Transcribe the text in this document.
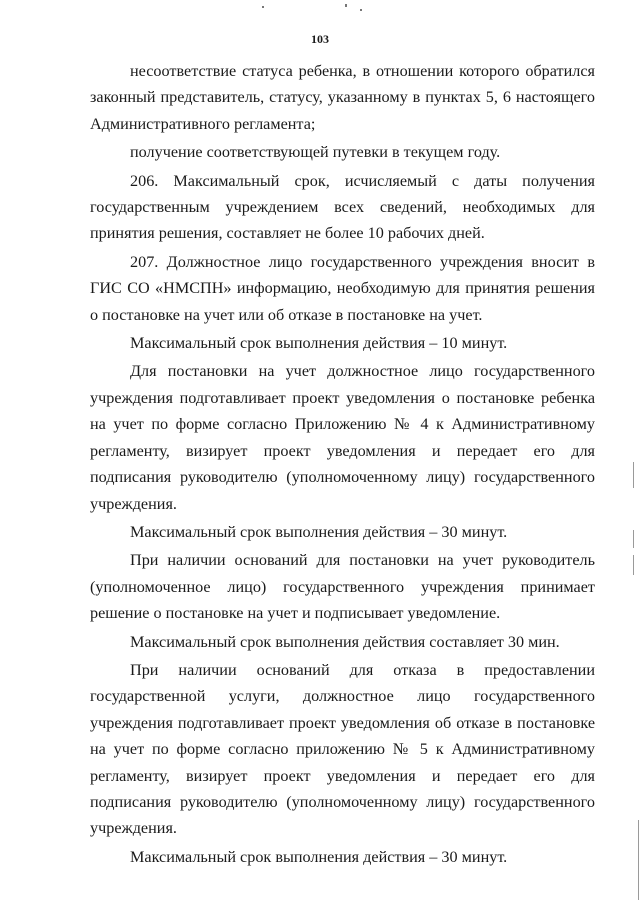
103

несоответствие статуса ребенка, в отношении которого обратился законный представитель, статусу, указанному в пунктах 5, 6 настоящего Административного регламента;

получение соответствующей путевки в текущем году.

206. Максимальный срок, исчисляемый с даты получения государственным учреждением всех сведений, необходимых для принятия решения, составляет не более 10 рабочих дней.

207. Должностное лицо государственного учреждения вносит в ГИС СО «НМСПН» информацию, необходимую для принятия решения о постановке на учет или об отказе в постановке на учет.

Максимальный срок выполнения действия – 10 минут.

Для постановки на учет должностное лицо государственного учреждения подготавливает проект уведомления о постановке ребенка на учет по форме согласно Приложению № 4 к Административному регламенту, визирует проект уведомления и передает его для подписания руководителю (уполномоченному лицу) государственного учреждения.

Максимальный срок выполнения действия – 30 минут.

При наличии оснований для постановки на учет руководитель (уполномоченное лицо) государственного учреждения принимает решение о постановке на учет и подписывает уведомление.

Максимальный срок выполнения действия составляет 30 мин.

При наличии оснований для отказа в предоставлении государственной услуги, должностное лицо государственного учреждения подготавливает проект уведомления об отказе в постановке на учет по форме согласно приложению № 5 к Административному регламенту, визирует проект уведомления и передает его для подписания руководителю (уполномоченному лицу) государственного учреждения.

Максимальный срок выполнения действия – 30 минут.
